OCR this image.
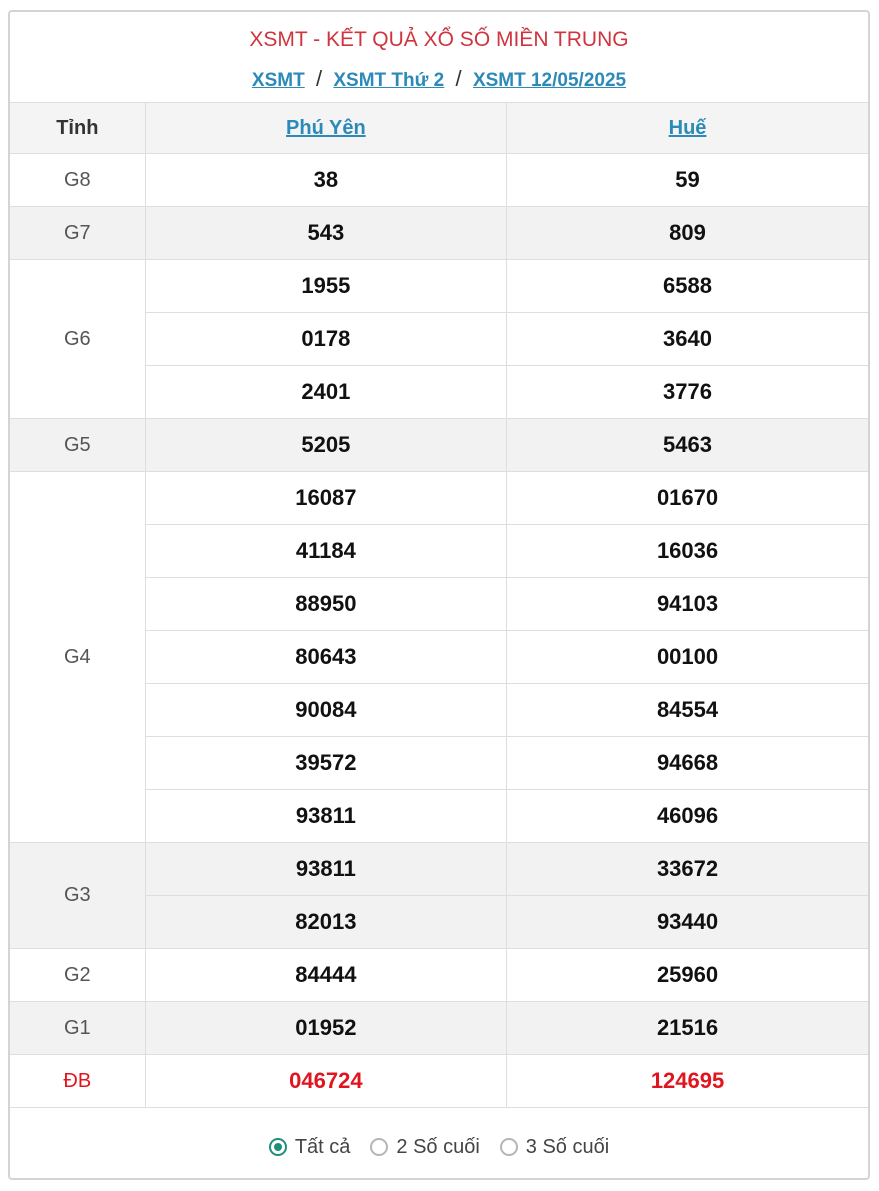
XSMT - KẾT QUẢ XỔ SỐ MIỀN TRUNG
XSMT / XSMT Thứ 2 / XSMT 12/05/2025
Tỉnh	Phú Yên	Huế
G8	38	59
G7	543	809
G6	1955	6588
	0178	3640
	2401	3776
G5	5205	5463
G4	16087	01670
	41184	16036
	88950	94103
	80643	00100
	90084	84554
	39572	94668
	93811	46096
G3	93811	33672
	82013	93440
G2	84444	25960
G1	01952	21516
ĐB	046724	124695
Tất cả 2 Số cuối 3 Số cuối
